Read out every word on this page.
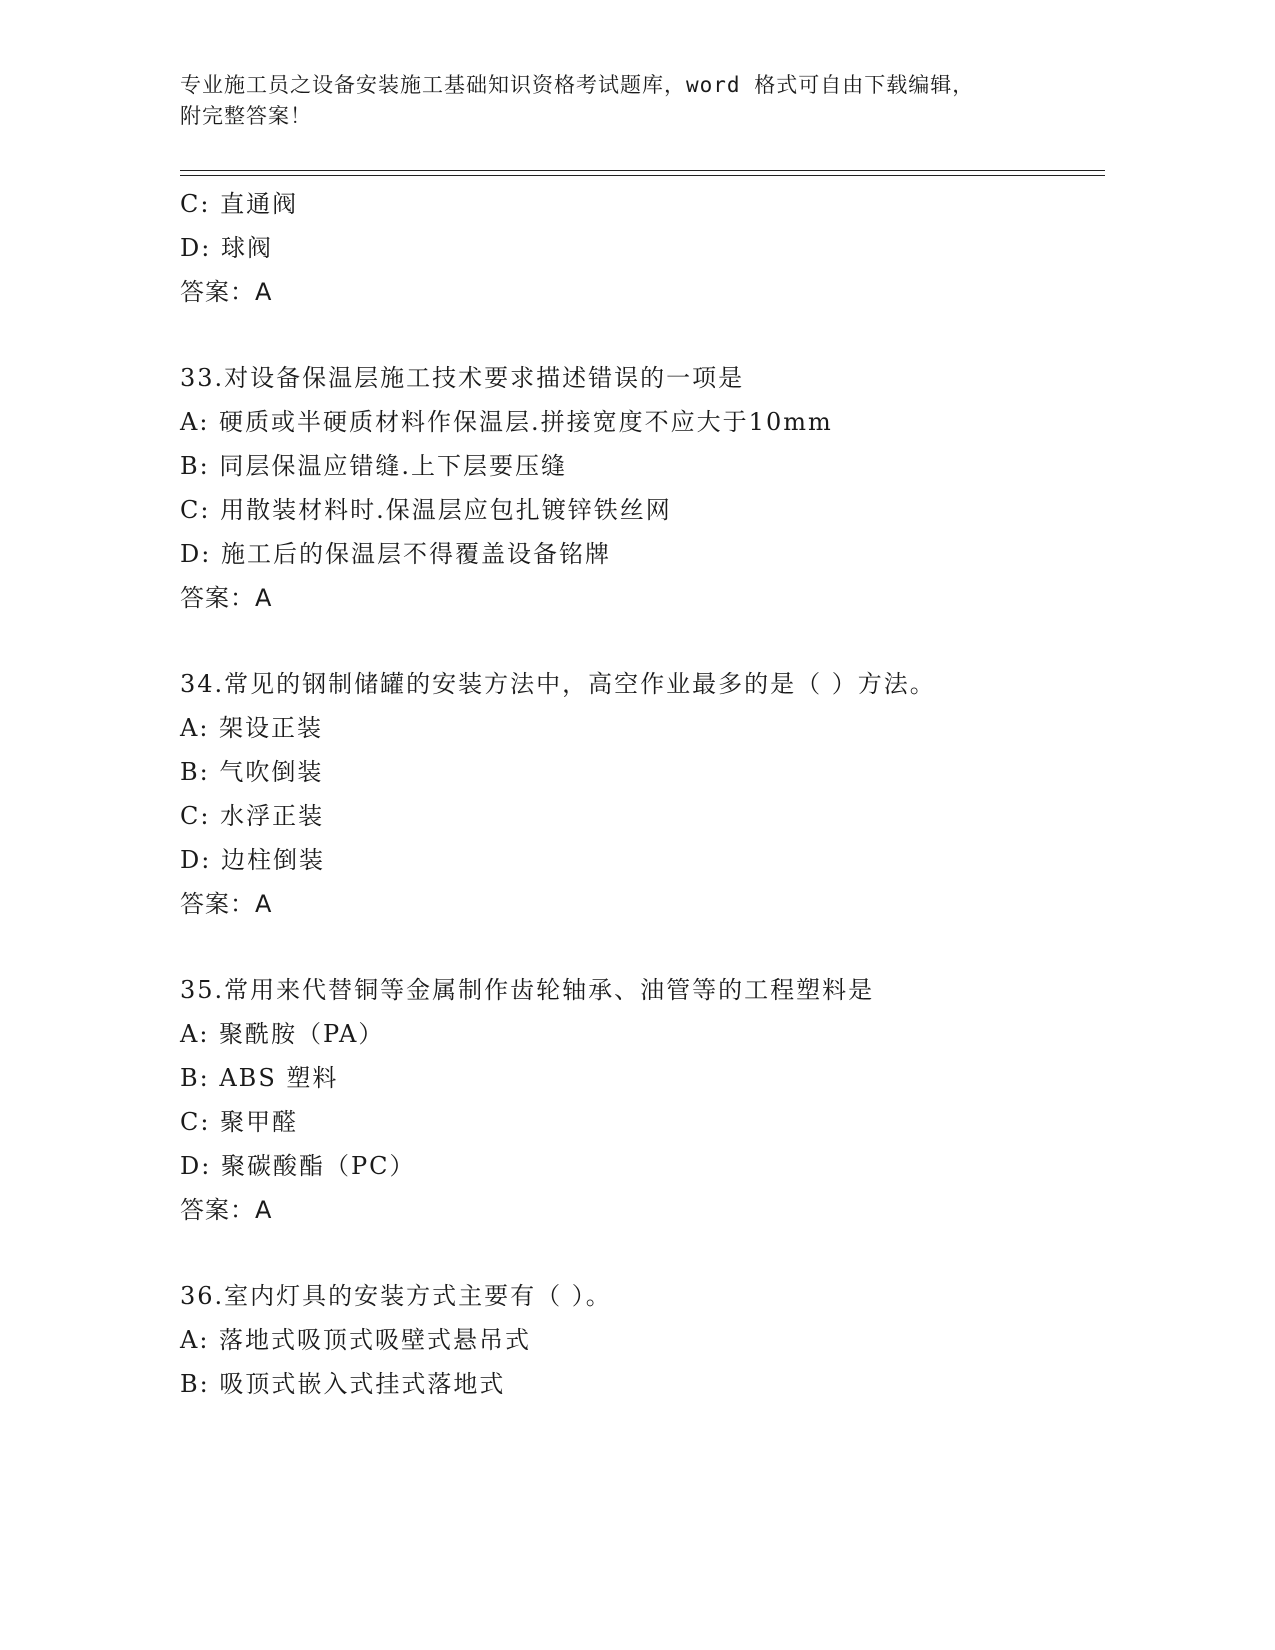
专业施工员之设备安装施工基础知识资格考试题库，word 格式可自由下载编辑，
附完整答案！
C: 直通阀
D: 球阀
答案：A
33.对设备保温层施工技术要求描述错误的一项是
A: 硬质或半硬质材料作保温层.拼接宽度不应大于10mm
B: 同层保温应错缝.上下层要压缝
C: 用散装材料时.保温层应包扎镀锌铁丝网
D: 施工后的保温层不得覆盖设备铭牌
答案：A
34.常见的钢制储罐的安装方法中，高空作业最多的是（ ）方法。
A: 架设正装
B: 气吹倒装
C: 水浮正装
D: 边柱倒装
答案：A
35.常用来代替铜等金属制作齿轮轴承、油管等的工程塑料是
A: 聚酰胺（PA）
B: ABS 塑料
C: 聚甲醛
D: 聚碳酸酯（PC）
答案：A
36.室内灯具的安装方式主要有（ ）。
A: 落地式吸顶式吸壁式悬吊式
B: 吸顶式嵌入式挂式落地式
